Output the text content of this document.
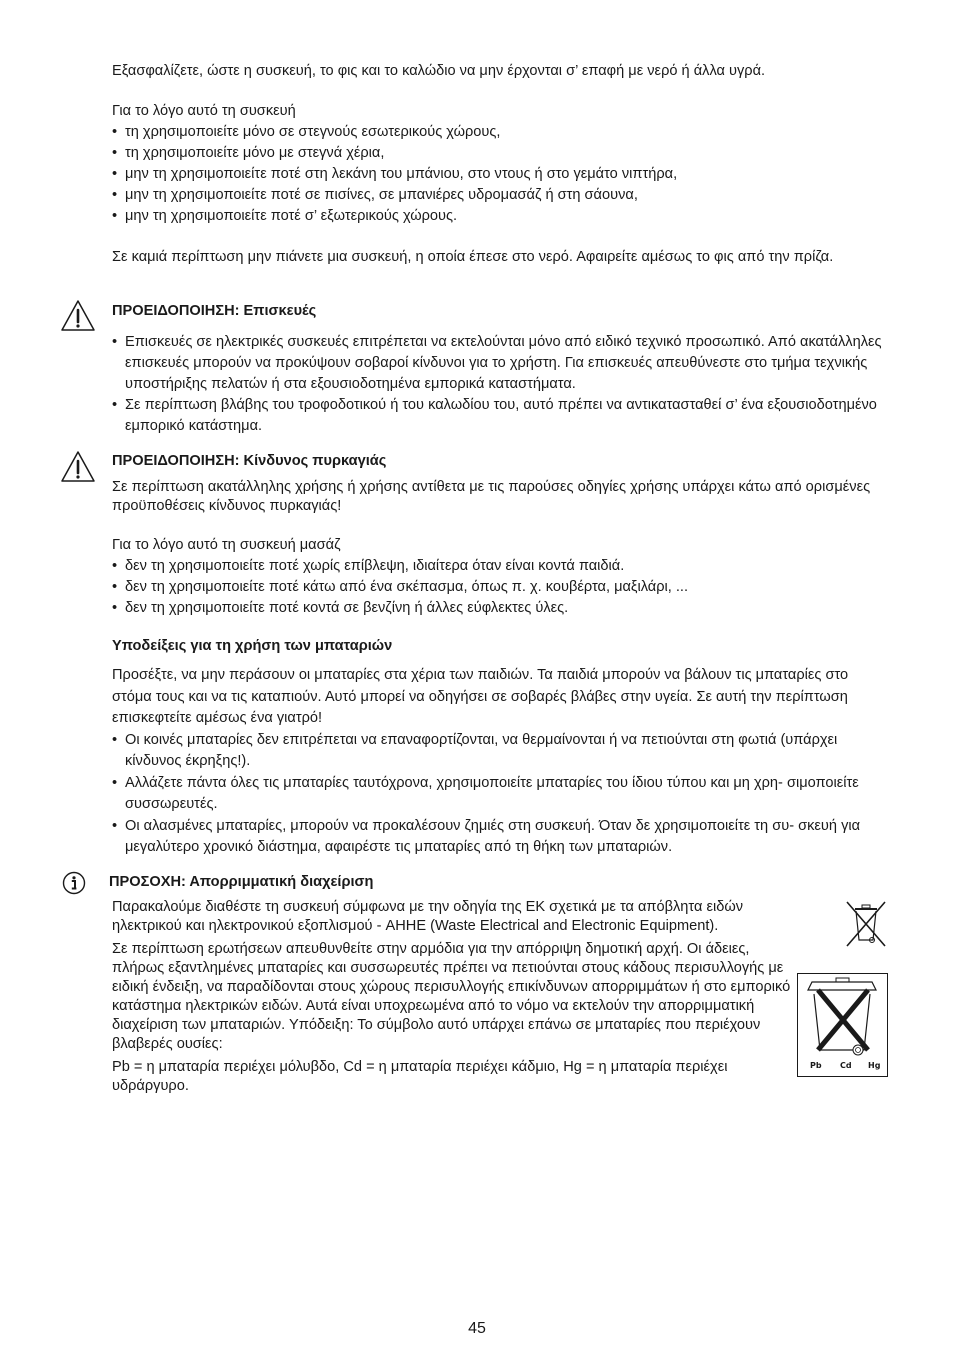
Εξασφαλίζετε, ώστε η συσκευή, το φις και το καλώδιο να μην έρχονται σ’ επαφή με νερό ή άλλα υγρά.

Για το λόγο αυτό τη συσκευή

• τη χρησιμοποιείτε μόνο σε στεγνούς εσωτερικούς χώρους,
• τη χρησιμοποιείτε μόνο με στεγνά χέρια,
• μην τη χρησιμοποιείτε ποτέ στη λεκάνη του μπάνιου, στο ντους ή στο γεμάτο νιπτήρα,
• μην τη χρησιμοποιείτε ποτέ σε πισίνες, σε μπανιέρες υδρομασάζ ή στη σάουνα,
• μην τη χρησιμοποιείτε ποτέ σ’ εξωτερικούς χώρους.

Σε καμιά περίπτωση μην πιάνετε μια συσκευή, η οποία έπεσε στο νερό. Αφαιρείτε αμέσως το φις από την πρίζα.

ΠΡΟΕΙΔΟΠΟΙΗΣΗ: Επισκευές

• Επισκευές σε ηλεκτρικές συσκευές επιτρέπεται να εκτελούνται μόνο από ειδικό τεχνικό προσωπικό. Από ακατάλληλες επισκευές μπορούν να προκύψουν σοβαροί κίνδυνοι για το χρήστη. Για επισκευές απευθύνεστε στο τμήμα τεχνικής υποστήριξης πελατών ή στα εξουσιοδοτημένα εμπορικά καταστήματα.
• Σε περίπτωση βλάβης του τροφοδοτικού ή του καλωδίου του, αυτό πρέπει να αντικατασταθεί σ’ ένα εξουσιοδοτημένο εμπορικό κατάστημα.

ΠΡΟΕΙΔΟΠΟΙΗΣΗ: Κίνδυνος πυρκαγιάς

Σε περίπτωση ακατάλληλης χρήσης ή χρήσης αντίθετα με τις παρούσες οδηγίες χρήσης υπάρχει κάτω από ορισμένες προϋποθέσεις κίνδυνος πυρκαγιάς!

Για το λόγο αυτό τη συσκευή μασάζ

• δεν τη χρησιμοποιείτε ποτέ χωρίς επίβλεψη, ιδιαίτερα όταν είναι κοντά παιδιά.
• δεν τη χρησιμοποιείτε ποτέ κάτω από ένα σκέπασμα, όπως π. χ. κουβέρτα, μαξιλάρι, ...
• δεν τη χρησιμοποιείτε ποτέ κοντά σε βενζίνη ή άλλες εύφλεκτες ύλες.

Υποδείξεις για τη χρήση των μπαταριών

Προσέξτε, να μην περάσουν οι μπαταρίες στα χέρια των παιδιών. Τα παιδιά μπορούν να βάλουν τις μπαταρίες στο στόμα τους και να τις καταπιούν. Αυτό μπορεί να οδηγήσει σε σοβαρές βλάβες στην υγεία. Σε αυτή την περίπτωση επισκεφτείτε αμέσως ένα γιατρό!

• Οι κοινές μπαταρίες δεν επιτρέπεται να επαναφορτίζονται, να θερμαίνονται ή να πετιούνται στη φωτιά (υπάρχει κίνδυνος έκρηξης!).
• Αλλάζετε πάντα όλες τις μπαταρίες ταυτόχρονα, χρησιμοποιείτε μπαταρίες του ίδιου τύπου και μη χρη- σιμοποιείτε συσσωρευτές.
• Οι αλασμένες μπαταρίες, μπορούν να προκαλέσουν ζημιές στη συσκευή. Όταν δε χρησιμοποιείτε τη συ- σκευή για μεγαλύτερο χρονικό διάστημα, αφαιρέστε τις μπαταρίες από τη θήκη των μπαταριών.

ΠΡΟΣΟΧΗ: Απορριμματική διαχείριση

Παρακαλούμε διαθέστε τη συσκευή σύμφωνα με την οδηγία της ΕΚ σχετικά με τα απόβλητα ειδών ηλεκτρικού και ηλεκτρονικού εξοπλισμού - AHHE (Waste Electrical and Electronic Equipment).

Σε περίπτωση ερωτήσεων απευθυνθείτε στην αρμόδια για την απόρριψη δημοτική αρχή. Οι άδειες, πλήρως εξαντλημένες μπαταρίες και συσσωρευτές πρέπει να πετιούνται στους κάδους περισυλλογής με ειδική ένδειξη, να παραδίδονται στους χώρους περισυλλογής επικίνδυνων απορριμμάτων ή στο εμπορικό κατάστημα ηλεκτρικών ειδών. Αυτά είναι υποχρεωμένα από το νόμο να εκτελούν την απορριμματική διαχείριση των μπαταριών. Υπόδειξη: Το σύμβολο αυτό υπάρχει επάνω σε μπαταρίες που περιέχουν βλαβερές ουσίες:

Pb = η μπαταρία περιέχει μόλυβδο, Cd = η μπαταρία περιέχει κάδμιο, Hg = η μπαταρία περιέχει υδράργυρο.

Pb Cd Hg
45
